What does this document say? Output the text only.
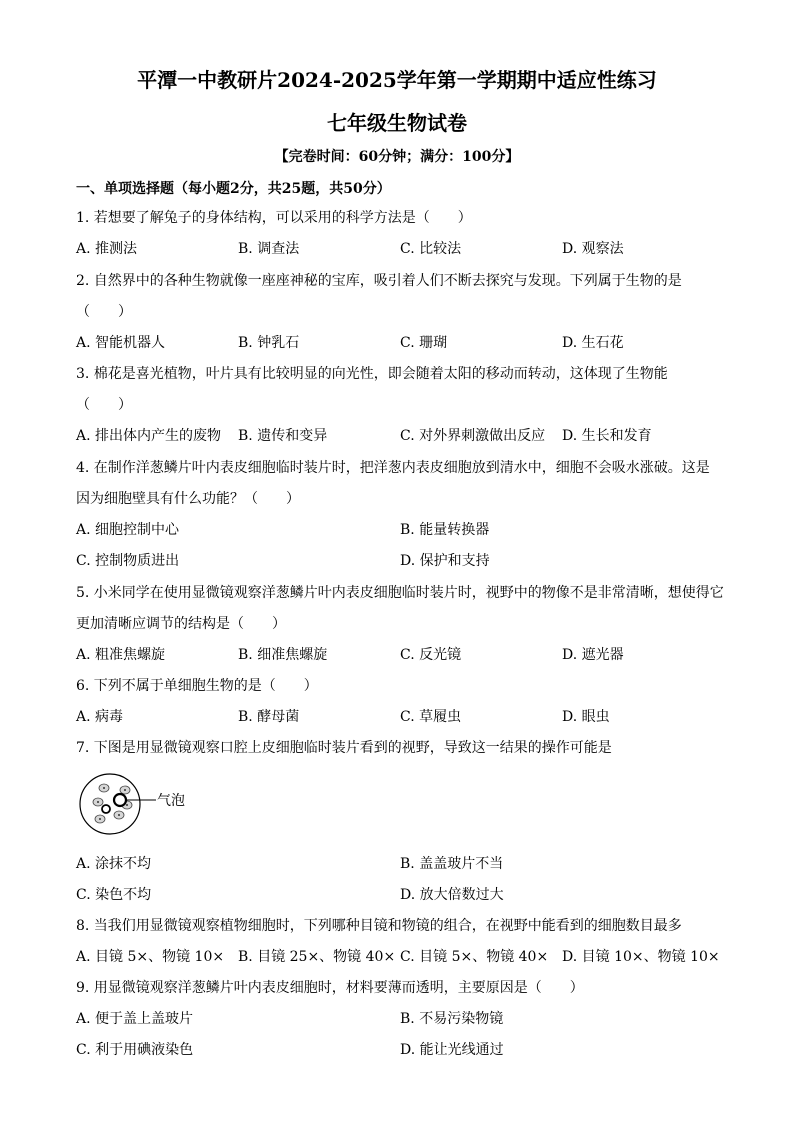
平潭一中教研片2024-2025学年第一学期期中适应性练习
七年级生物试卷
【完卷时间：60分钟；满分：100分】
一、单项选择题（每小题2分，共25题，共50分）
1. 若想要了解兔子的身体结构，可以采用的科学方法是（　　）
A. 推测法	B. 调查法	C. 比较法	D. 观察法
2. 自然界中的各种生物就像一座座神秘的宝库，吸引着人们不断去探究与发现。下列属于生物的是
（　　）
A. 智能机器人	B. 钟乳石	C. 珊瑚	D. 生石花
3. 棉花是喜光植物，叶片具有比较明显的向光性，即会随着太阳的移动而转动，这体现了生物能
（　　）
A. 排出体内产生的废物 B. 遗传和变异	C. 对外界刺激做出反应 D. 生长和发育
4. 在制作洋葱鳞片叶内表皮细胞临时装片时，把洋葱内表皮细胞放到清水中，细胞不会吸水涨破。这是
因为细胞壁具有什么功能？（　　）
A. 细胞控制中心	B. 能量转换器
C. 控制物质进出	D. 保护和支持
5. 小米同学在使用显微镜观察洋葱鳞片叶内表皮细胞临时装片时，视野中的物像不是非常清晰，想使得它
更加清晰应调节的结构是（　　）
A. 粗准焦螺旋	B. 细准焦螺旋	C. 反光镜	D. 遮光器
6. 下列不属于单细胞生物的是（　　）
A. 病毒	B. 酵母菌	C. 草履虫	D. 眼虫
7. 下图是用显微镜观察口腔上皮细胞临时装片看到的视野，导致这一结果的操作可能是
气泡
A. 涂抹不均	B. 盖盖玻片不当
C. 染色不均	D. 放大倍数过大
8. 当我们用显微镜观察植物细胞时，下列哪种目镜和物镜的组合，在视野中能看到的细胞数目最多
A. 目镜 5×、物镜 10× B. 目镜 25×、物镜 40× C. 目镜 5×、物镜 40× D. 目镜 10×、物镜 10×
9. 用显微镜观察洋葱鳞片叶内表皮细胞时，材料要薄而透明，主要原因是（　　）
A. 便于盖上盖玻片	B. 不易污染物镜
C. 利于用碘液染色	D. 能让光线通过
